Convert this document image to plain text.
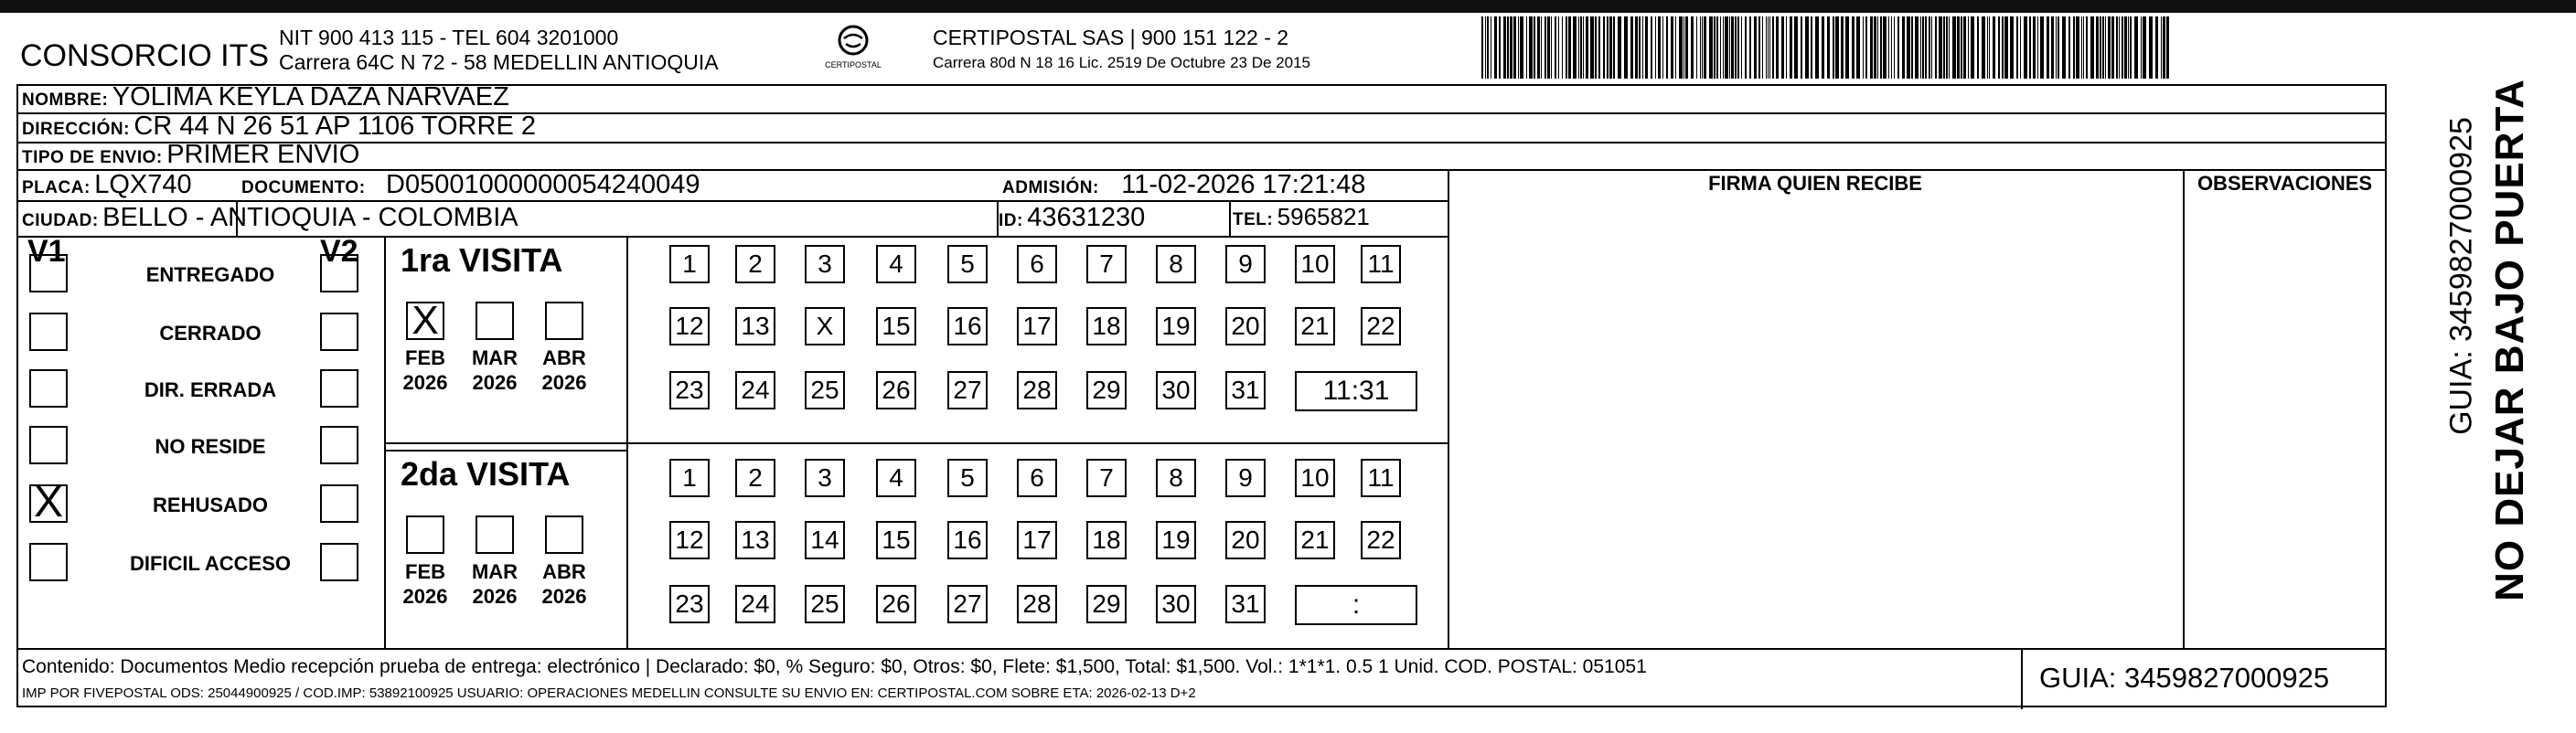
CONSORCIO ITS
NIT 900 413 115 - TEL 604 3201000
Carrera 64C N 72 - 58 MEDELLIN ANTIOQUIA	CERTIPOSTAL
CERTIPOSTAL SAS | 900 151 122 - 2
Carrera 80d N 18 16 Lic. 2519 De Octubre 23 De 2015
NOMBRE: YOLIMA KEYLA DAZA NARVAEZ
DIRECCIÓN: CR 44 N 26 51 AP 1106 TORRE 2
TIPO DE ENVIO: PRIMER ENVIO
FIRMA QUIEN RECIBE	OBSERVACIONES
PLACA: LQX740	DOCUMENTO: D05001000000054240049	ADMISIÓN: 11-02-2026 17:21:48
CIUDAD: BELLO - ANTIOQUIA - COLOMBIA	ID: 43631230	TEL: 5965821
V1	V2
ENTREGADO
CERRADO
DIR. ERRADA
NO RESIDE
X	REHUSADO
DIFICIL ACCESO
1ra VISITA
X
FEB
2026
MAR
2026
ABR
2026
1	2	3	4	5	6	7	8	9	10 11
12 13	X	15 16 17 18 19 20 21 22
23 24 25 26 27 28 29 30 31	11:31
2da VISITA
FEB
2026
MAR
2026
ABR
2026
1	2	3	4	5	6	7	8	9	10 11
12 13 14 15 16 17 18 19 20 21 22
23 24 25 26 27 28 29 30 31	:
Contenido: Documentos Medio recepción prueba de entrega: electrónico | Declarado: $0, % Seguro: $0, Otros: $0, Flete: $1,500, Total: $1,500. Vol.: 1*1*1. 0.5 1 Unid. COD. POSTAL: 051051
IMP POR FIVEPOSTAL ODS: 25044900925 / COD.IMP: 53892100925 USUARIO: OPERACIONES MEDELLIN CONSULTE SU ENVIO EN: CERTIPOSTAL.COM SOBRE ETA: 2026-02-13 D+2	GUIA: 3459827000925
NO DEJAR BAJO PUERTA
GUIA: 3459827000925
